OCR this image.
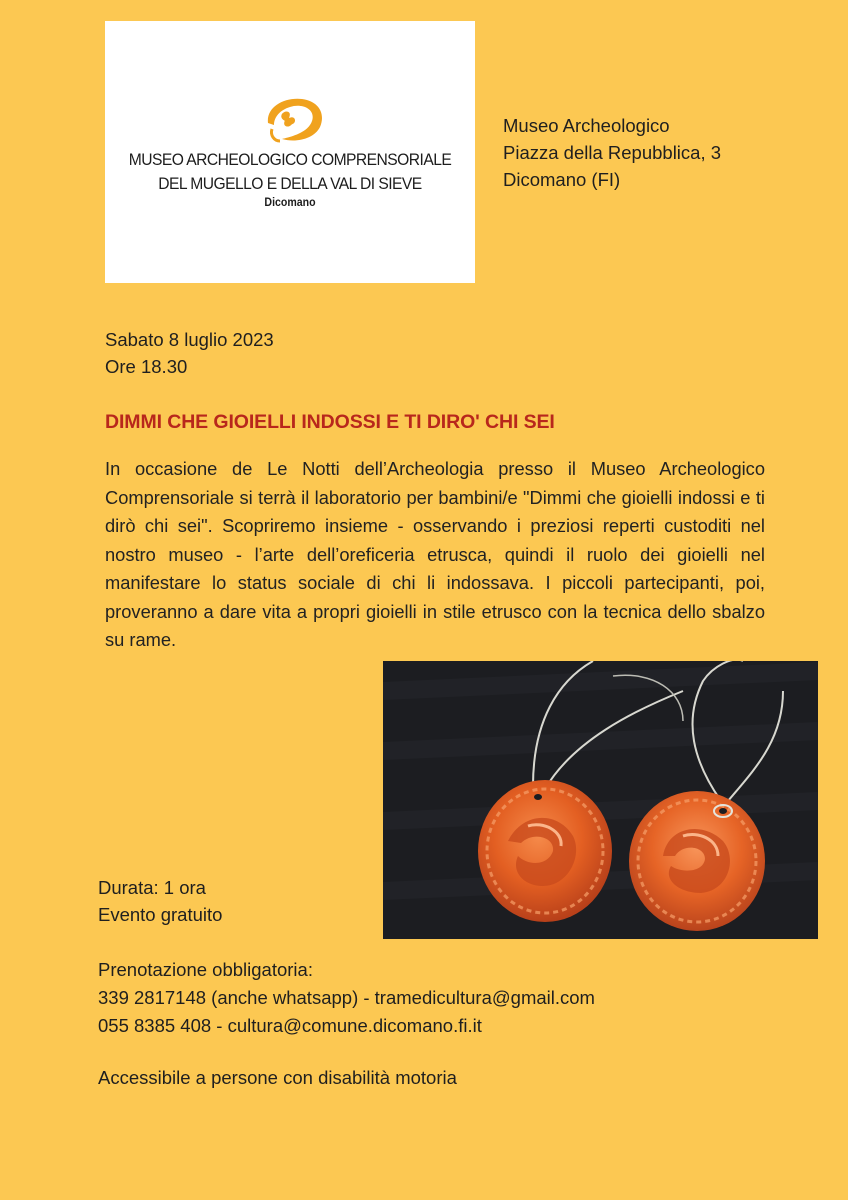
MUSEO ARCHEOLOGICO COMPRENSORIALE
DEL MUGELLO E DELLA VAL DI SIEVE
Dicomano
Museo Archeologico
Piazza della Repubblica, 3
Dicomano (FI)
Sabato 8 luglio 2023
Ore 18.30
DIMMI CHE GIOIELLI INDOSSI E TI DIRO' CHI SEI
In occasione de Le Notti dell’Archeologia presso il Museo Archeologico Comprensoriale si terrà il laboratorio per bambini/e "Dimmi che gioielli indossi e ti dirò chi sei". Scopriremo insieme - osservando i preziosi reperti custoditi nel nostro museo - l’arte dell’oreficeria etrusca, quindi il ruolo dei gioielli nel manifestare lo status sociale di chi li indossava. I piccoli partecipanti, poi, proveranno a dare vita a propri gioielli in stile etrusco con la tecnica dello sbalzo su rame.
Durata: 1 ora
Evento gratuito
Prenotazione obbligatoria:
339 2817148 (anche whatsapp) - tramedicultura@gmail.com
055 8385 408 - cultura@comune.dicomano.fi.it
Accessibile a persone con disabilità motoria
